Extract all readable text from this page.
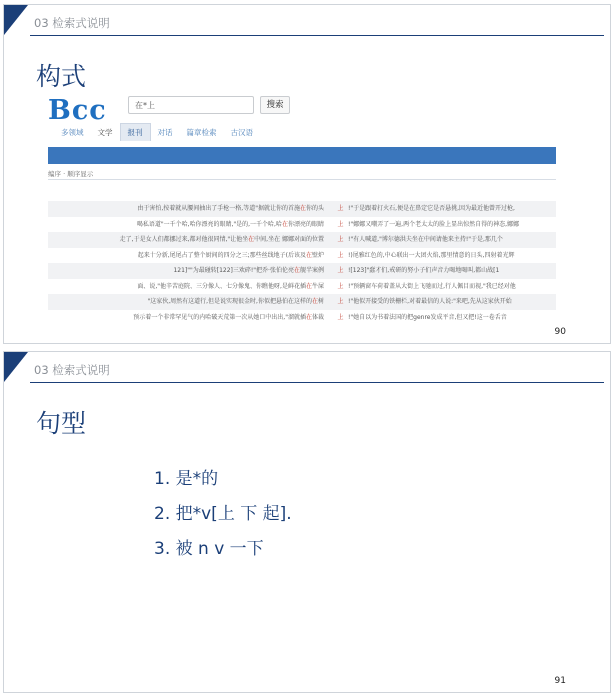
03 检索式说明
构式
Bcc	在*上	搜索
多领域	文学	报刊	对话	篇章检索	古汉语
编序 · 顺序显示
由于害怕,按着就从腰间抽出了手枪一格,等道"据就让你的首施在你的头 上 !"于是跟着打火石,便是在鼻定它是否悬挑,因为最近他曾开过枪,
喝私语道"一千个哈,哈你漂亮的眼睛,"是的,一千个哈,哈在你漂亮的眼睛 上 !"娜娜又嘲弄了一遍,两个老太太的脸上显出惊然自得的神态,娜娜
走了,于是女人们都挪过来,都对他很同情,"让他坐在中间,坐在 娜娜对面的位置 上 !"有人喊道,"博尔德洪夫坐在中间请他来主持!"于是,那几个
起来十分新,尾尾占了整个厨间的四分之三;那些丝线地子(后该及在壁炉 上 !)尾雅红色的,中心联出一大团火焰,那里情意的日头,四射着光辉
121]""为最碰转[122]三欢碎!"把乔·张伯伦亮在舰半案例 上 ![123]"蠢才们,戒研的努小子们声音力喝地喝叫,都山战[1
面、说,"他辛苦庭院、三分像人、七分像鬼、你瞧他呀,是鲜花插在牛屎 上 !"预辆窗车荷着盖从大街上飞驰而过,行人佩目而视,"我已经对他
"这家伙,周然有这道行,但是说实现很金时,你似把悬伯在这样的在树 上 !"他似开接受的铁栅栏,对着最信的人说:"来吧,先从这家伙开始
预示着一个非常罕见气的内哈破天荒第一次从她口中出出,"溜就插在体裁 上 !"她自以为书着法国的把genre发成平音,但又把!这一卷舌音
90
03 检索式说明
句型
1. 是*的
2. 把*v[上 下 起].
3. 被 n v 一下
91
